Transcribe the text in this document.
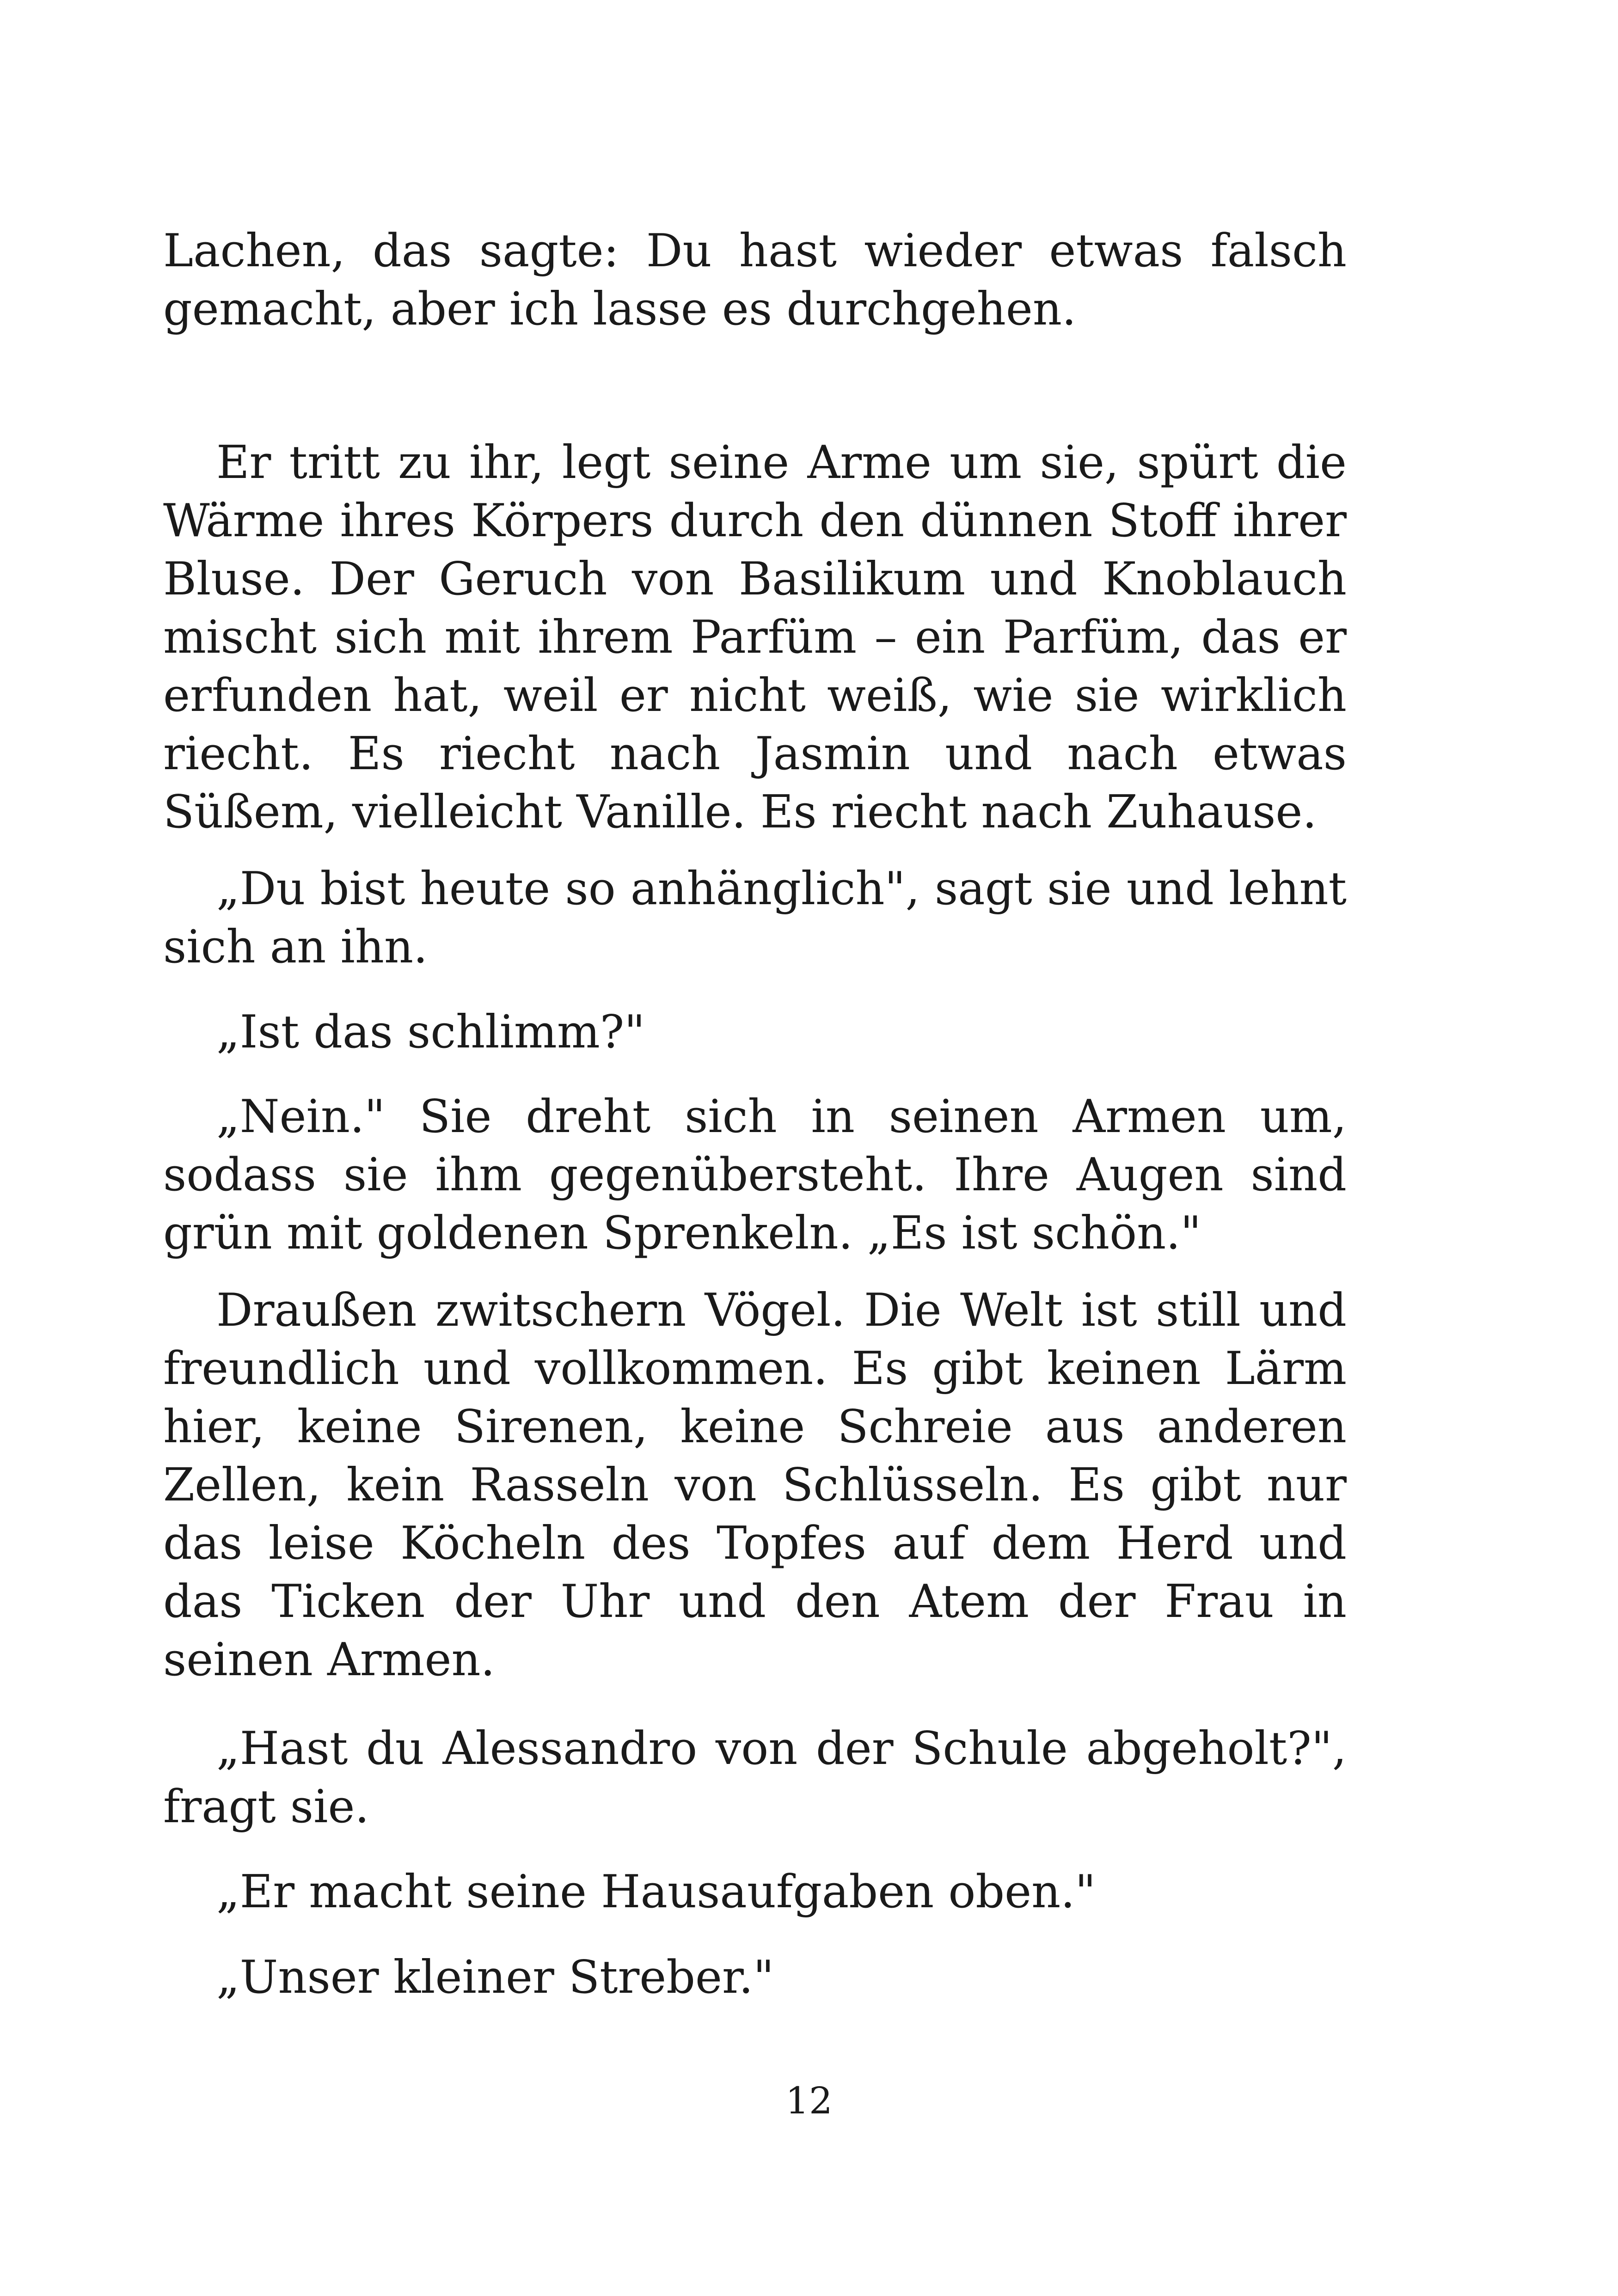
Lachen, das sagte: Du hast wieder etwas falsch gemacht, aber ich lasse es durchgehen.

Er tritt zu ihr, legt seine Arme um sie, spürt die Wärme ihres Körpers durch den dünnen Stoff ihrer Bluse. Der Geruch von Basilikum und Knoblauch mischt sich mit ihrem Parfüm – ein Parfüm, das er erfunden hat, weil er nicht weiß, wie sie wirklich riecht. Es riecht nach Jasmin und nach etwas Süßem, vielleicht Vanille. Es riecht nach Zuhause.

„Du bist heute so anhänglich", sagt sie und lehnt sich an ihn.

„Ist das schlimm?"

„Nein." Sie dreht sich in seinen Armen um, sodass sie ihm gegenübersteht. Ihre Augen sind grün mit goldenen Sprenkeln. „Es ist schön."

Draußen zwitschern Vögel. Die Welt ist still und freundlich und vollkommen. Es gibt keinen Lärm hier, keine Sirenen, keine Schreie aus anderen Zellen, kein Rasseln von Schlüsseln. Es gibt nur das leise Köcheln des Topfes auf dem Herd und das Ticken der Uhr und den Atem der Frau in seinen Armen.

„Hast du Alessandro von der Schule abgeholt?", fragt sie.

„Er macht seine Hausaufgaben oben."

„Unser kleiner Streber."

12
